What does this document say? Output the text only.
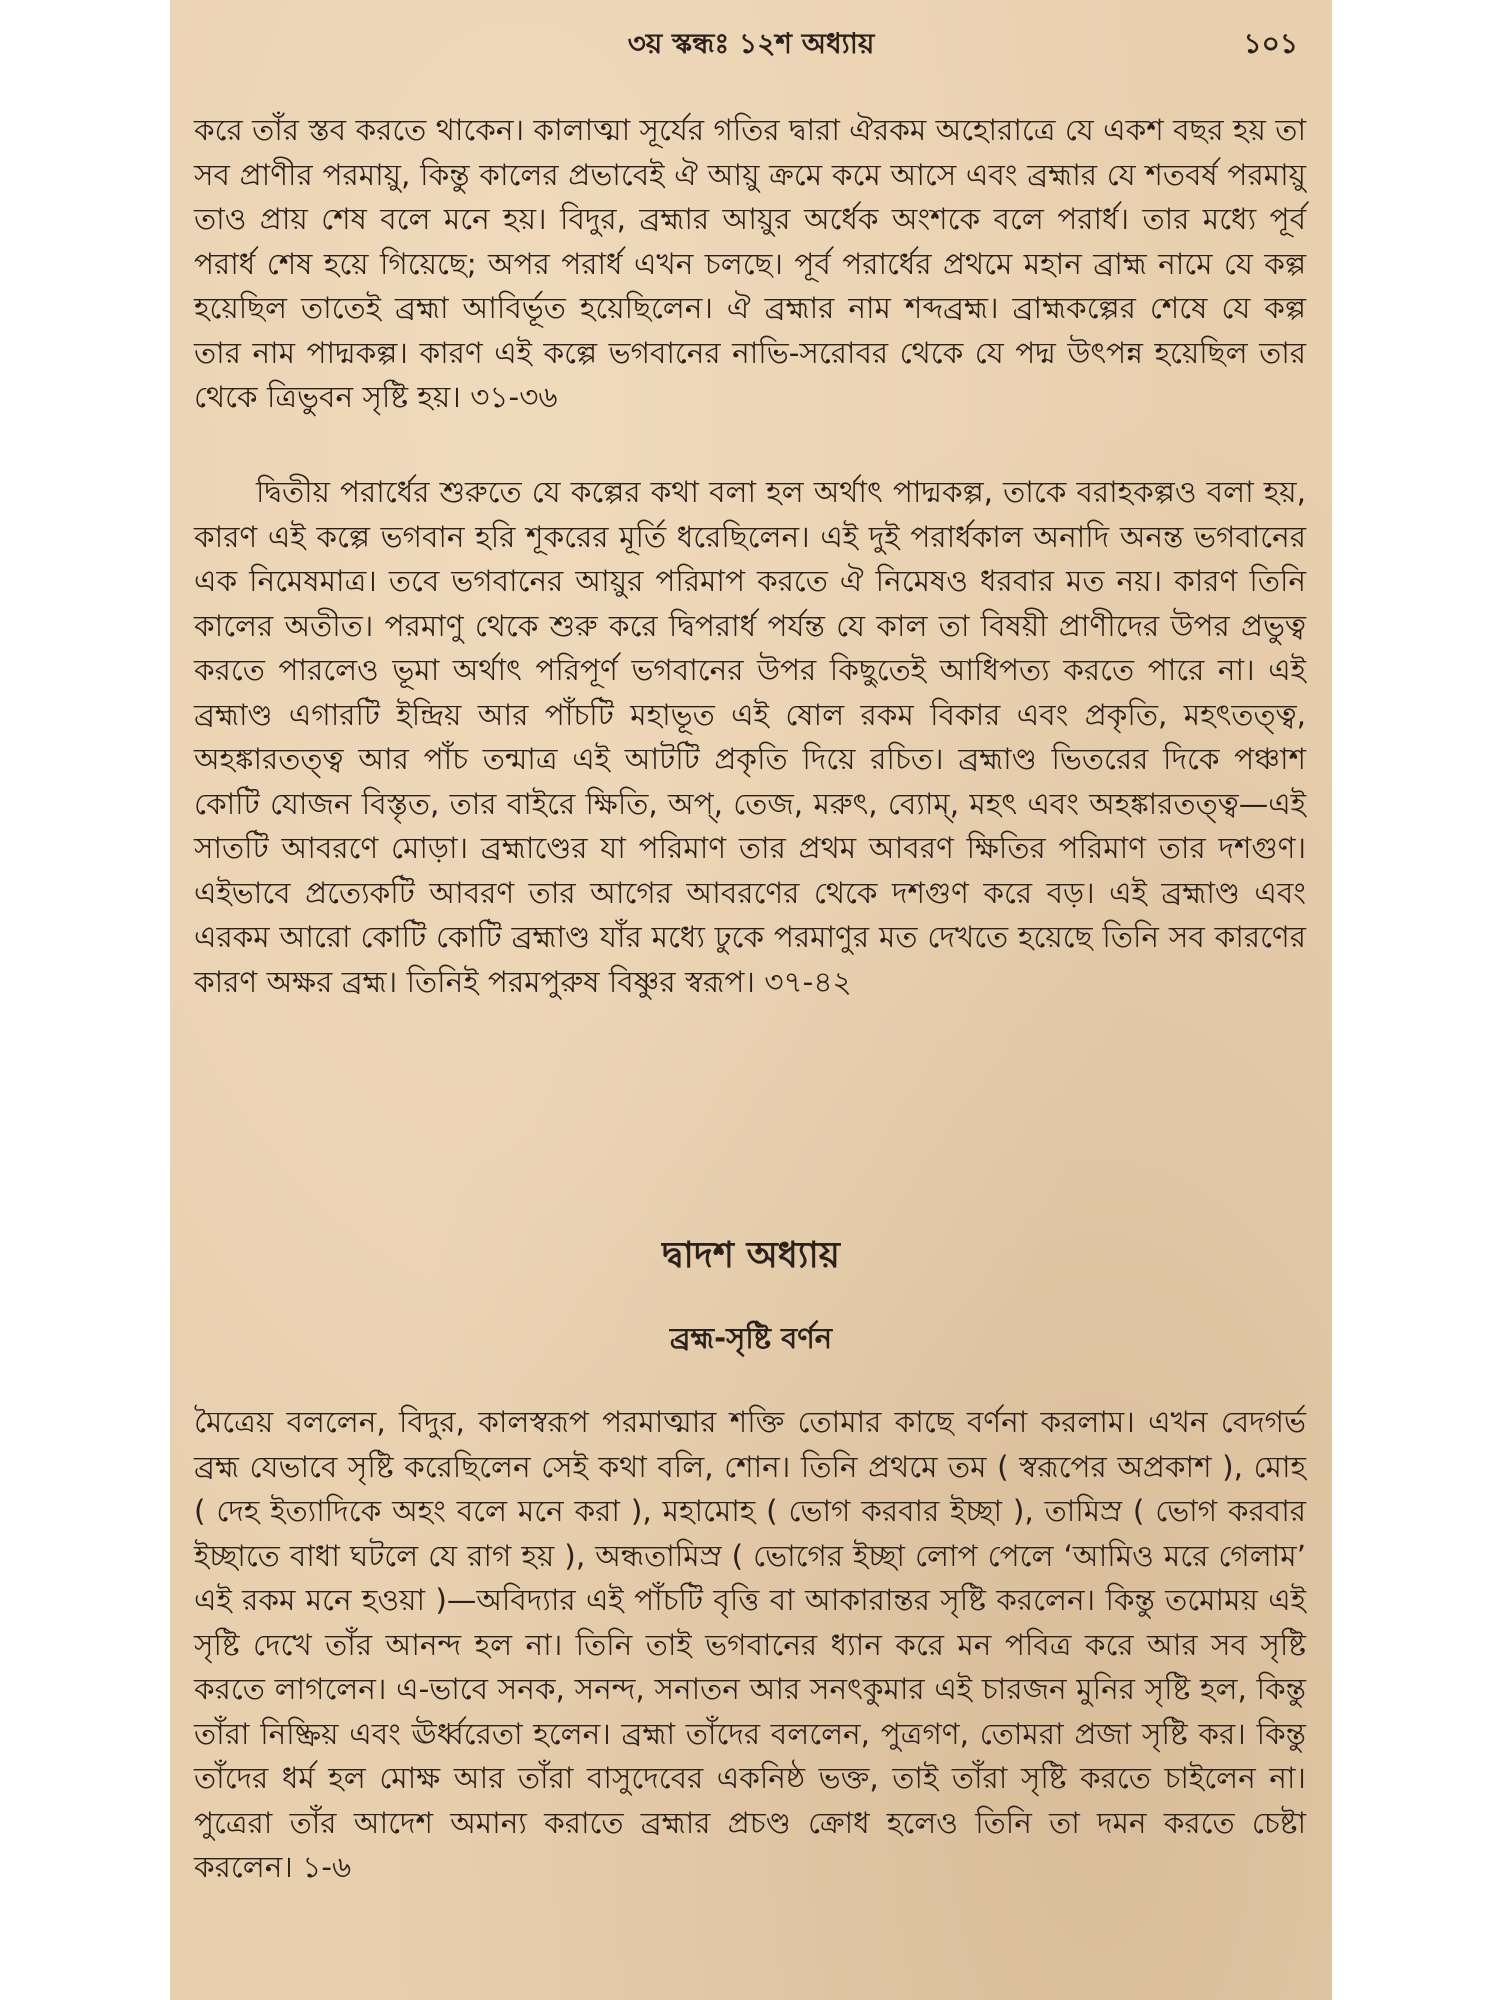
৩য় স্কন্ধঃ ১২শ অধ্যায়	১০১

করে তাঁর স্তব করতে থাকেন। কালাত্মা সূর্যের গতির দ্বারা ঐরকম অহোরাত্রে যে একশ বছর হয় তা সব প্রাণীর পরমায়ু, কিন্তু কালের প্রভাবেই ঐ আয়ু ক্রমে কমে আসে এবং ব্রহ্মার যে শতবর্ষ পরমায়ু তাও প্রায় শেষ বলে মনে হয়। বিদুর, ব্রহ্মার আয়ুর অর্ধেক অংশকে বলে পরার্ধ। তার মধ্যে পূর্ব পরার্ধ শেষ হয়ে গিয়েছে; অপর পরার্ধ এখন চলছে। পূর্ব পরার্ধের প্রথমে মহান ব্রাহ্ম নামে যে কল্প হয়েছিল তাতেই ব্রহ্মা আবির্ভূত হয়েছিলেন। ঐ ব্রহ্মার নাম শব্দব্রহ্ম। ব্রাহ্মকল্পের শেষে যে কল্প তার নাম পাদ্মকল্প। কারণ এই কল্পে ভগবানের নাভি-সরোবর থেকে যে পদ্ম উৎপন্ন হয়েছিল তার থেকে ত্রিভুবন সৃষ্টি হয়। ৩১-৩৬

দ্বিতীয় পরার্ধের শুরুতে যে কল্পের কথা বলা হল অর্থাৎ পাদ্মকল্প, তাকে বরাহকল্পও বলা হয়, কারণ এই কল্পে ভগবান হরি শূকরের মূর্তি ধরেছিলেন। এই দুই পরার্ধকাল অনাদি অনন্ত ভগবানের এক নিমেষমাত্র। তবে ভগবানের আয়ুর পরিমাপ করতে ঐ নিমেষও ধরবার মত নয়। কারণ তিনি কালের অতীত। পরমাণু থেকে শুরু করে দ্বিপরার্ধ পর্যন্ত যে কাল তা বিষয়ী প্রাণীদের উপর প্রভুত্ব করতে পারলেও ভূমা অর্থাৎ পরিপূর্ণ ভগবানের উপর কিছুতেই আধিপত্য করতে পারে না। এই ব্রহ্মাণ্ড এগারটি ইন্দ্রিয় আর পাঁচটি মহাভূত এই ষোল রকম বিকার এবং প্রকৃতি, মহৎতত্ত্ব, অহঙ্কারতত্ত্ব আর পাঁচ তন্মাত্র এই আটটি প্রকৃতি দিয়ে রচিত। ব্রহ্মাণ্ড ভিতরের দিকে পঞ্চাশ কোটি যোজন বিস্তৃত, তার বাইরে ক্ষিতি, অপ্, তেজ, মরুৎ, ব্যোম্, মহৎ এবং অহঙ্কারতত্ত্ব—এই সাতটি আবরণে মোড়া। ব্রহ্মাণ্ডের যা পরিমাণ তার প্রথম আবরণ ক্ষিতির পরিমাণ তার দশগুণ। এইভাবে প্রত্যেকটি আবরণ তার আগের আবরণের থেকে দশগুণ করে বড়। এই ব্রহ্মাণ্ড এবং এরকম আরো কোটি কোটি ব্রহ্মাণ্ড যাঁর মধ্যে ঢুকে পরমাণুর মত দেখতে হয়েছে তিনি সব কারণের কারণ অক্ষর ব্রহ্ম। তিনিই পরমপুরুষ বিষ্ণুর স্বরূপ। ৩৭-৪২

দ্বাদশ অধ্যায়
ব্রহ্ম-সৃষ্টি বর্ণন

মৈত্রেয় বললেন, বিদুর, কালস্বরূপ পরমাত্মার শক্তি তোমার কাছে বর্ণনা করলাম। এখন বেদগর্ভ ব্রহ্ম যেভাবে সৃষ্টি করেছিলেন সেই কথা বলি, শোন। তিনি প্রথমে তম ( স্বরূপের অপ্রকাশ ), মোহ ( দেহ ইত্যাদিকে অহং বলে মনে করা ), মহামোহ ( ভোগ করবার ইচ্ছা ), তামিস্র ( ভোগ করবার ইচ্ছাতে বাধা ঘটলে যে রাগ হয় ), অন্ধতামিস্র ( ভোগের ইচ্ছা লোপ পেলে ‘আমিও মরে গেলাম’ এই রকম মনে হওয়া )—অবিদ্যার এই পাঁচটি বৃত্তি বা আকারান্তর সৃষ্টি করলেন। কিন্তু তমোময় এই সৃষ্টি দেখে তাঁর আনন্দ হল না। তিনি তাই ভগবানের ধ্যান করে মন পবিত্র করে আর সব সৃষ্টি করতে লাগলেন। এ-ভাবে সনক, সনন্দ, সনাতন আর সনৎকুমার এই চারজন মুনির সৃষ্টি হল, কিন্তু তাঁরা নিষ্ক্রিয় এবং ঊর্ধ্বরেতা হলেন। ব্রহ্মা তাঁদের বললেন, পুত্রগণ, তোমরা প্রজা সৃষ্টি কর। কিন্তু তাঁদের ধর্ম হল মোক্ষ আর তাঁরা বাসুদেবের একনিষ্ঠ ভক্ত, তাই তাঁরা সৃষ্টি করতে চাইলেন না। পুত্রেরা তাঁর আদেশ অমান্য করাতে ব্রহ্মার প্রচণ্ড ক্রোধ হলেও তিনি তা দমন করতে চেষ্টা করলেন। ১-৬
